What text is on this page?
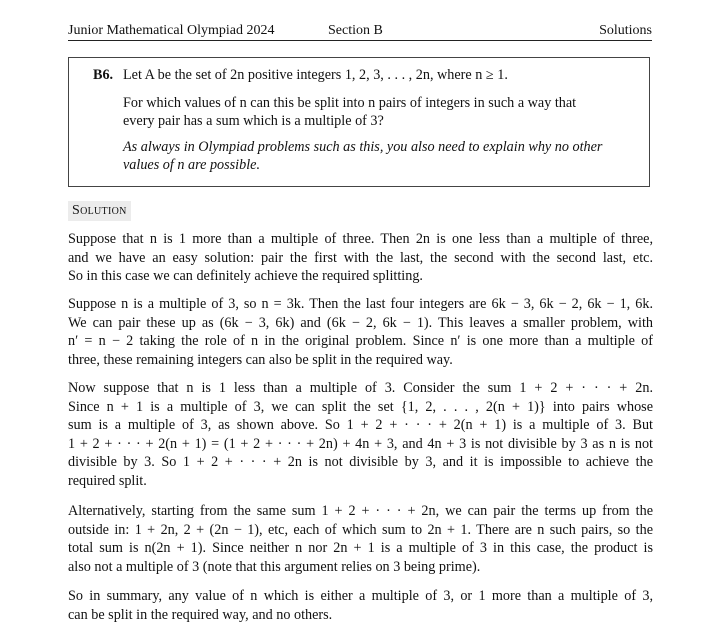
Junior Mathematical Olympiad 2024	Section B	Solutions
B6. Let A be the set of 2n positive integers 1, 2, 3, . . . , 2n, where n ≥ 1.
For which values of n can this be split into n pairs of integers in such a way that
every pair has a sum which is a multiple of 3?
As always in Olympiad problems such as this, you also need to explain why no other
values of n are possible.
Solution
Suppose that n is 1 more than a multiple of three. Then 2n is one less than a multiple of three,
and we have an easy solution: pair the first with the last, the second with the second last, etc.
So in this case we can definitely achieve the required splitting.
Suppose n is a multiple of 3, so n = 3k. Then the last four integers are 6k − 3, 6k − 2, 6k − 1, 6k.
We can pair these up as (6k − 3, 6k) and (6k − 2, 6k − 1). This leaves a smaller problem, with
n′ = n − 2 taking the role of n in the original problem. Since n′ is one more than a multiple of
three, these remaining integers can also be split in the required way.
Now suppose that n is 1 less than a multiple of 3. Consider the sum 1 + 2 + · · · + 2n.
Since n + 1 is a multiple of 3, we can split the set {1, 2, . . . , 2(n + 1)} into pairs whose
sum is a multiple of 3, as shown above. So 1 + 2 + · · · + 2(n + 1) is a multiple of 3. But
1 + 2 + · · · + 2(n + 1) = (1 + 2 + · · · + 2n) + 4n + 3, and 4n + 3 is not divisible by 3 as n is not
divisible by 3. So 1 + 2 + · · · + 2n is not divisible by 3, and it is impossible to achieve the
required split.
Alternatively, starting from the same sum 1 + 2 + · · · + 2n, we can pair the terms up from the
outside in: 1 + 2n, 2 + (2n − 1), etc, each of which sum to 2n + 1. There are n such pairs, so the
total sum is n(2n + 1). Since neither n nor 2n + 1 is a multiple of 3 in this case, the product is
also not a multiple of 3 (note that this argument relies on 3 being prime).
So in summary, any value of n which is either a multiple of 3, or 1 more than a multiple of 3,
can be split in the required way, and no others.
